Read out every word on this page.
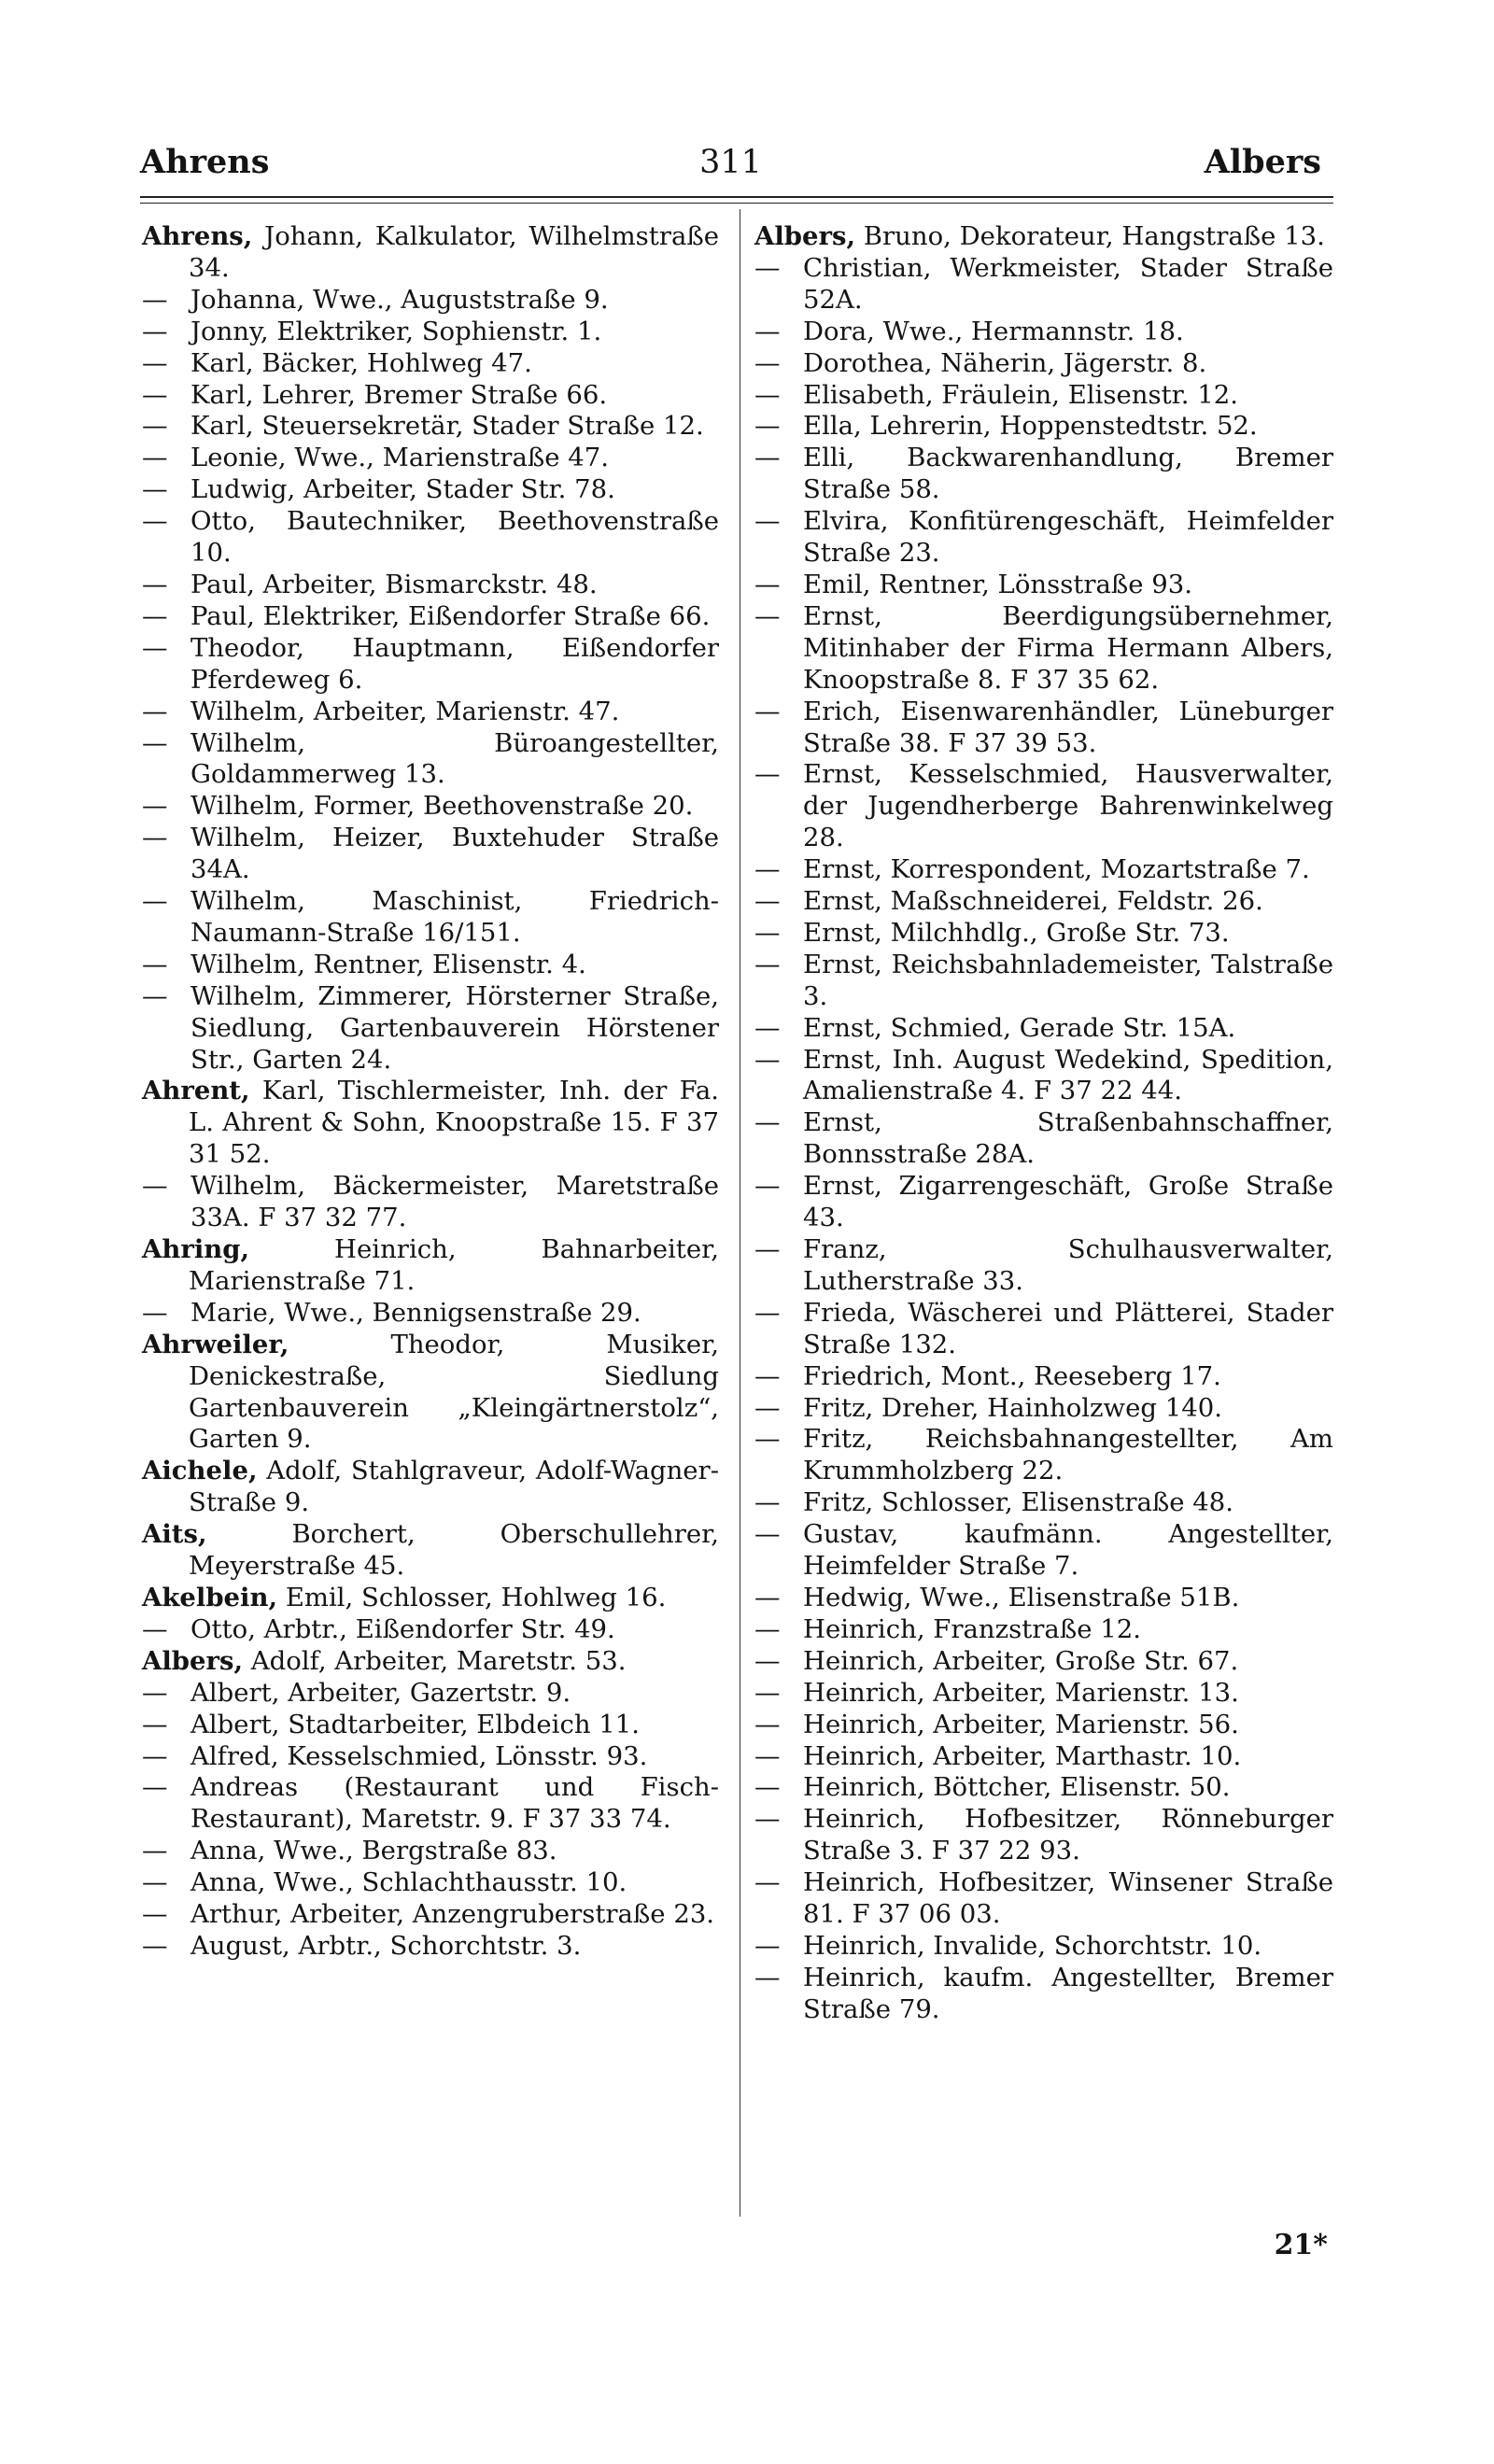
Ahrens	311	Albers
Ahrens, Johann, Kalkulator, Wilhelmstraße 34.
— Johanna, Wwe., Auguststraße 9.
— Jonny, Elektriker, Sophienstr. 1.
— Karl, Bäcker, Hohlweg 47.
— Karl, Lehrer, Bremer Straße 66.
— Karl, Steuersekretär, Stader Straße 12.
— Leonie, Wwe., Marienstraße 47.
— Ludwig, Arbeiter, Stader Str. 78.
— Otto, Bautechniker, Beethovenstraße 10.
— Paul, Arbeiter, Bismarckstr. 48.
— Paul, Elektriker, Eißendorfer Straße 66.
— Theodor, Hauptmann, Eißendorfer Pferdeweg 6.
— Wilhelm, Arbeiter, Marienstr. 47.
— Wilhelm, Büroangestellter, Goldammerweg 13.
— Wilhelm, Former, Beethovenstraße 20.
— Wilhelm, Heizer, Buxtehuder Straße 34A.
— Wilhelm, Maschinist, Friedrich-Naumann-Straße 16/151.
— Wilhelm, Rentner, Elisenstr. 4.
— Wilhelm, Zimmerer, Hörsterner Straße, Siedlung, Gartenbauverein Hörstener Str., Garten 24.
Ahrent, Karl, Tischlermeister, Inh. der Fa. L. Ahrent & Sohn, Knoopstraße 15. F 37 31 52.
— Wilhelm, Bäckermeister, Maretstraße 33A. F 37 32 77.
Ahring, Heinrich, Bahnarbeiter, Marienstraße 71.
— Marie, Wwe., Bennigsenstraße 29.
Ahrweiler, Theodor, Musiker, Denickestraße, Siedlung Gartenbauverein „Kleingärtnerstolz“, Garten 9.
Aichele, Adolf, Stahlgraveur, Adolf-Wagner-Straße 9.
Aits, Borchert, Oberschullehrer, Meyerstraße 45.
Akelbein, Emil, Schlosser, Hohlweg 16.
— Otto, Arbtr., Eißendorfer Str. 49.
Albers, Adolf, Arbeiter, Maretstr. 53.
— Albert, Arbeiter, Gazertstr. 9.
— Albert, Stadtarbeiter, Elbdeich 11.
— Alfred, Kesselschmied, Lönsstr. 93.
— Andreas (Restaurant und Fisch-Restaurant), Maretstr. 9. F 37 33 74.
— Anna, Wwe., Bergstraße 83.
— Anna, Wwe., Schlachthausstr. 10.
— Arthur, Arbeiter, Anzengruberstraße 23.
— August, Arbtr., Schorchtstr. 3.
Albers, Bruno, Dekorateur, Hangstraße 13.
— Christian, Werkmeister, Stader Straße 52A.
— Dora, Wwe., Hermannstr. 18.
— Dorothea, Näherin, Jägerstr. 8.
— Elisabeth, Fräulein, Elisenstr. 12.
— Ella, Lehrerin, Hoppenstedtstr. 52.
— Elli, Backwarenhandlung, Bremer Straße 58.
— Elvira, Konfitürengeschäft, Heimfelder Straße 23.
— Emil, Rentner, Lönsstraße 93.
— Ernst, Beerdigungsübernehmer, Mitinhaber der Firma Hermann Albers, Knoopstraße 8. F 37 35 62.
— Erich, Eisenwarenhändler, Lüneburger Straße 38. F 37 39 53.
— Ernst, Kesselschmied, Hausverwalter, der Jugendherberge Bahrenwinkelweg 28.
— Ernst, Korrespondent, Mozartstraße 7.
— Ernst, Maßschneiderei, Feldstr. 26.
— Ernst, Milchhdlg., Große Str. 73.
— Ernst, Reichsbahnlademeister, Talstraße 3.
— Ernst, Schmied, Gerade Str. 15A.
— Ernst, Inh. August Wedekind, Spedition, Amalienstraße 4. F 37 22 44.
— Ernst, Straßenbahnschaffner, Bonnsstraße 28A.
— Ernst, Zigarrengeschäft, Große Straße 43.
— Franz, Schulhausverwalter, Lutherstraße 33.
— Frieda, Wäscherei und Plätterei, Stader Straße 132.
— Friedrich, Mont., Reeseberg 17.
— Fritz, Dreher, Hainholzweg 140.
— Fritz, Reichsbahnangestellter, Am Krummholzberg 22.
— Fritz, Schlosser, Elisenstraße 48.
— Gustav, kaufmänn. Angestellter, Heimfelder Straße 7.
— Hedwig, Wwe., Elisenstraße 51B.
— Heinrich, Franzstraße 12.
— Heinrich, Arbeiter, Große Str. 67.
— Heinrich, Arbeiter, Marienstr. 13.
— Heinrich, Arbeiter, Marienstr. 56.
— Heinrich, Arbeiter, Marthastr. 10.
— Heinrich, Böttcher, Elisenstr. 50.
— Heinrich, Hofbesitzer, Rönneburger Straße 3. F 37 22 93.
— Heinrich, Hofbesitzer, Winsener Straße 81. F 37 06 03.
— Heinrich, Invalide, Schorchtstr. 10.
— Heinrich, kaufm. Angestellter, Bremer Straße 79.
21*
